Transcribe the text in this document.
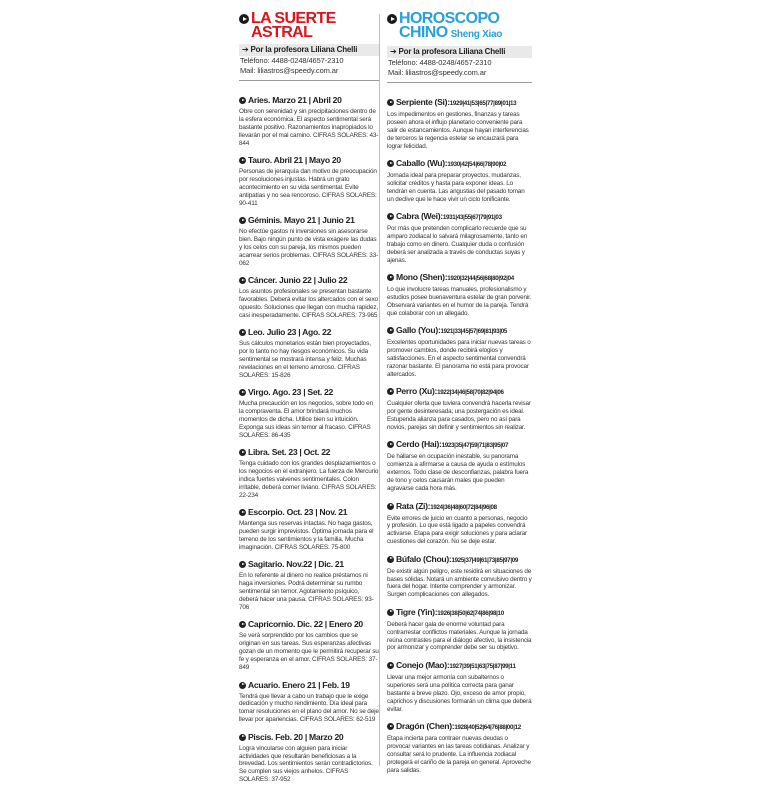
LA SUERTE
ASTRAL
➔ Por la profesora Liliana Chelli
Teléfono: 4488-0248/4657-2310
Mail: liliastros@speedy.com.ar
Aries. Marzo 21 | Abril 20
Obre con serenidad y sin precipitaciones dentro de la esfera económica. El aspecto sentimental será bastante positivo. Razonamientos inapropiados lo llevarán por el mal camino. CIFRAS SOLARES: 43-844
Tauro. Abril 21 | Mayo 20
Personas de jerarquía dan motivo de preocupación por resoluciones injustas. Habrá un grato acontecimiento en su vida sentimental. Evite antipatías y no sea rencoroso. CIFRAS SOLARES: 90-411
Géminis. Mayo 21 | Junio 21
No efectúe gastos ni inversiones sin asesorarse bien. Bajo ningún punto de vista exagere las dudas y los celos con su pareja, los mismos pueden acarrear serios problemas. CIFRAS SOLARES: 33-062
Cáncer. Junio 22 | Julio 22
Los asuntos profesionales se presentan bastante favorables. Deberá evitar los altercados con el sexo opuesto. Soluciones que llegan con mucha rapidez, casi inesperadamente. CIFRAS SOLARES: 73-965
Leo. Julio 23 | Ago. 22
Sus cálculos monetarios están bien proyectados, por lo tanto no hay riesgos económicos. Su vida sentimental se mostrará intensa y feliz. Muchas revelaciones en el terreno amoroso. CIFRAS SOLARES: 15-826
Virgo. Ago. 23 | Set. 22
Mucha precaución en los negocios, sobre todo en la compraventa. El amor brindará muchos momentos de dicha. Utilice bien su intuición. Exponga sus ideas sin temor al fracaso. CIFRAS SOLARES: 86-435
Libra. Set. 23 | Oct. 22
Tenga cuidado con los grandes desplazamientos o los negocios en el extranjero. La fuerza de Mercurio indica fuertes vaivenes sentimentales. Colon irritable, deberá comer liviano. CIFRAS SOLARES: 22-234
Escorpio. Oct. 23 | Nov. 21
Mantenga sus reservas intactas. No haga gastos, pueden surgir imprevistos. Óptima jornada para el terreno de los sentimientos y la familia. Mucha imaginación. CIFRAS SOLARES: 75-800
Sagitario. Nov.22 | Dic. 21
En lo referente al dinero no realice préstamos ni haga inversiones. Podrá determinar su rumbo sentimental sin temor. Agotamiento psíquico, deberá hacer una pausa. CIFRAS SOLARES: 93-706
Capricornio. Dic. 22 | Enero 20
Se verá sorprendido por los cambios que se originan en sus tareas. Sus esperanzas afectivas gozan de un momento que le permitirá recuperar su fe y esperanza en el amor. CIFRAS SOLARES: 37-849
Acuario. Enero 21 | Feb. 19
Tendrá que llevar a cabo un trabajo que le exige dedicación y mucho rendimiento. Día ideal para tomar resoluciones en el plano del amor. No se deje llevar por apariencias. CIFRAS SOLARES: 62-519
Piscis. Feb. 20 | Marzo 20
Logra vincularse con alguien para iniciar actividades que resultarán beneficiosas a la brevedad. Los sentimientos serán contradictorios. Se cumplen sus viejos anhelos. CIFRAS SOLARES: 37-952
HOROSCOPO
CHINO Sheng Xiao
➔ Por la profesora Liliana Chelli
Teléfono: 4488-0248/4657-2310
Mail: liliastros@speedy.com.ar
Serpiente (Si):1929|41|53|65|77|89|01|13
Los impedimentos en gestiones, finanzas y tareas poseen ahora el influjo planetario conveniente para salir de estancamientos. Aunque hayan interferencias de terceros la regencia estelar se encauzará para lograr felicidad.
Caballo (Wu):1930|42|54|66|78|90|02
Jornada ideal para preparar proyectos, mudanzas, solicitar créditos y hasta para exponer ideas. Lo tendrán en cuenta. Las angustias del pasado toman un declive que le hace vivir un ciclo tonificante.
Cabra (Wei):1931|43|55|67|79|91|03
Por más que pretenden complicarlo recuerde que su amparo zodiacal lo salvará milagrosamente, tanto en trabajo como en dinero. Cualquier duda o confusión deberá ser analizada a través de conductas suyas y ajenas.
Mono (Shen):1920|32|44|56|68|80|92|04
Lo que involucre tareas manuales, profesionalismo y estudios posee buenaventura estelar de gran porvenir. Observará variantes en el humor de la pareja. Tendrá que colaborar con un allegado.
Gallo (You):1921|33|45|57|69|81|93|05
Excelentes oportunidades para iniciar nuevas tareas o promover cambios, donde recibirá elogios y satisfacciones. En el aspecto sentimental convendrá razonar bastante. El panorama no está para provocar altercados.
Perro (Xu):1922|34|46|58|70|82|94|06
Cualquier oferta que tuviera convendrá hacerla revisar por gente desinteresada; una postergación es ideal. Estupenda alianza para casados, pero no así para novios, parejas sin definir y sentimientos sin realizar.
Cerdo (Hai):1923|35|47|59|71|83|95|07
De hallarse en ocupación inestable, su panorama comienza a afirmarse a causa de ayuda o estímulos externos. Todo clase de desconfianzas, palabra fuera de tono y celos causarán males que pueden agravarse cada hora más.
Rata (Zi):1924|36|48|60|72|84|96|08
Evite errores de juicio en cuanto a personas, negocio y profesión. Lo que está ligado a papeles convendrá activarse. Etapa para exigir soluciones y para aclarar cuestiones del corazón. No se deje estar.
Búfalo (Chou):1925|37|49|61|73|85|97|09
De existir algún peligro, este residirá en situaciones de bases sólidas. Notará un ambiente convulsivo dentro y fuera del hogar. Intente comprender y armonizar. Surgen complicaciones con allegados.
Tigre (Yin):1926|38|50|62|74|86|98|10
Deberá hacer gala de enorme voluntad para contrarrestar conflictos materiales. Aunque la jornada reúna contrastes para el diálogo afectivo, la insistencia por armonizar y comprender debe ser su objetivo.
Conejo (Mao):1927|39|51|63|75|87|99|11
Llevar una mejor armonía con subalternos o superiores será una política correcta para ganar bastante a breve plazo. Ojo, exceso de amor propio, caprichos y discusiones formarán un clima que deberá evitar.
Dragón (Chen):1928|40|52|64|76|88|00|12
Etapa incierta para contraer nuevas deudas o provocar variantes en las tareas cotidianas. Analizar y consultar será lo prudente. La influencia zodiacal protegerá el cariño de la pareja en general. Aproveche para salidas.
